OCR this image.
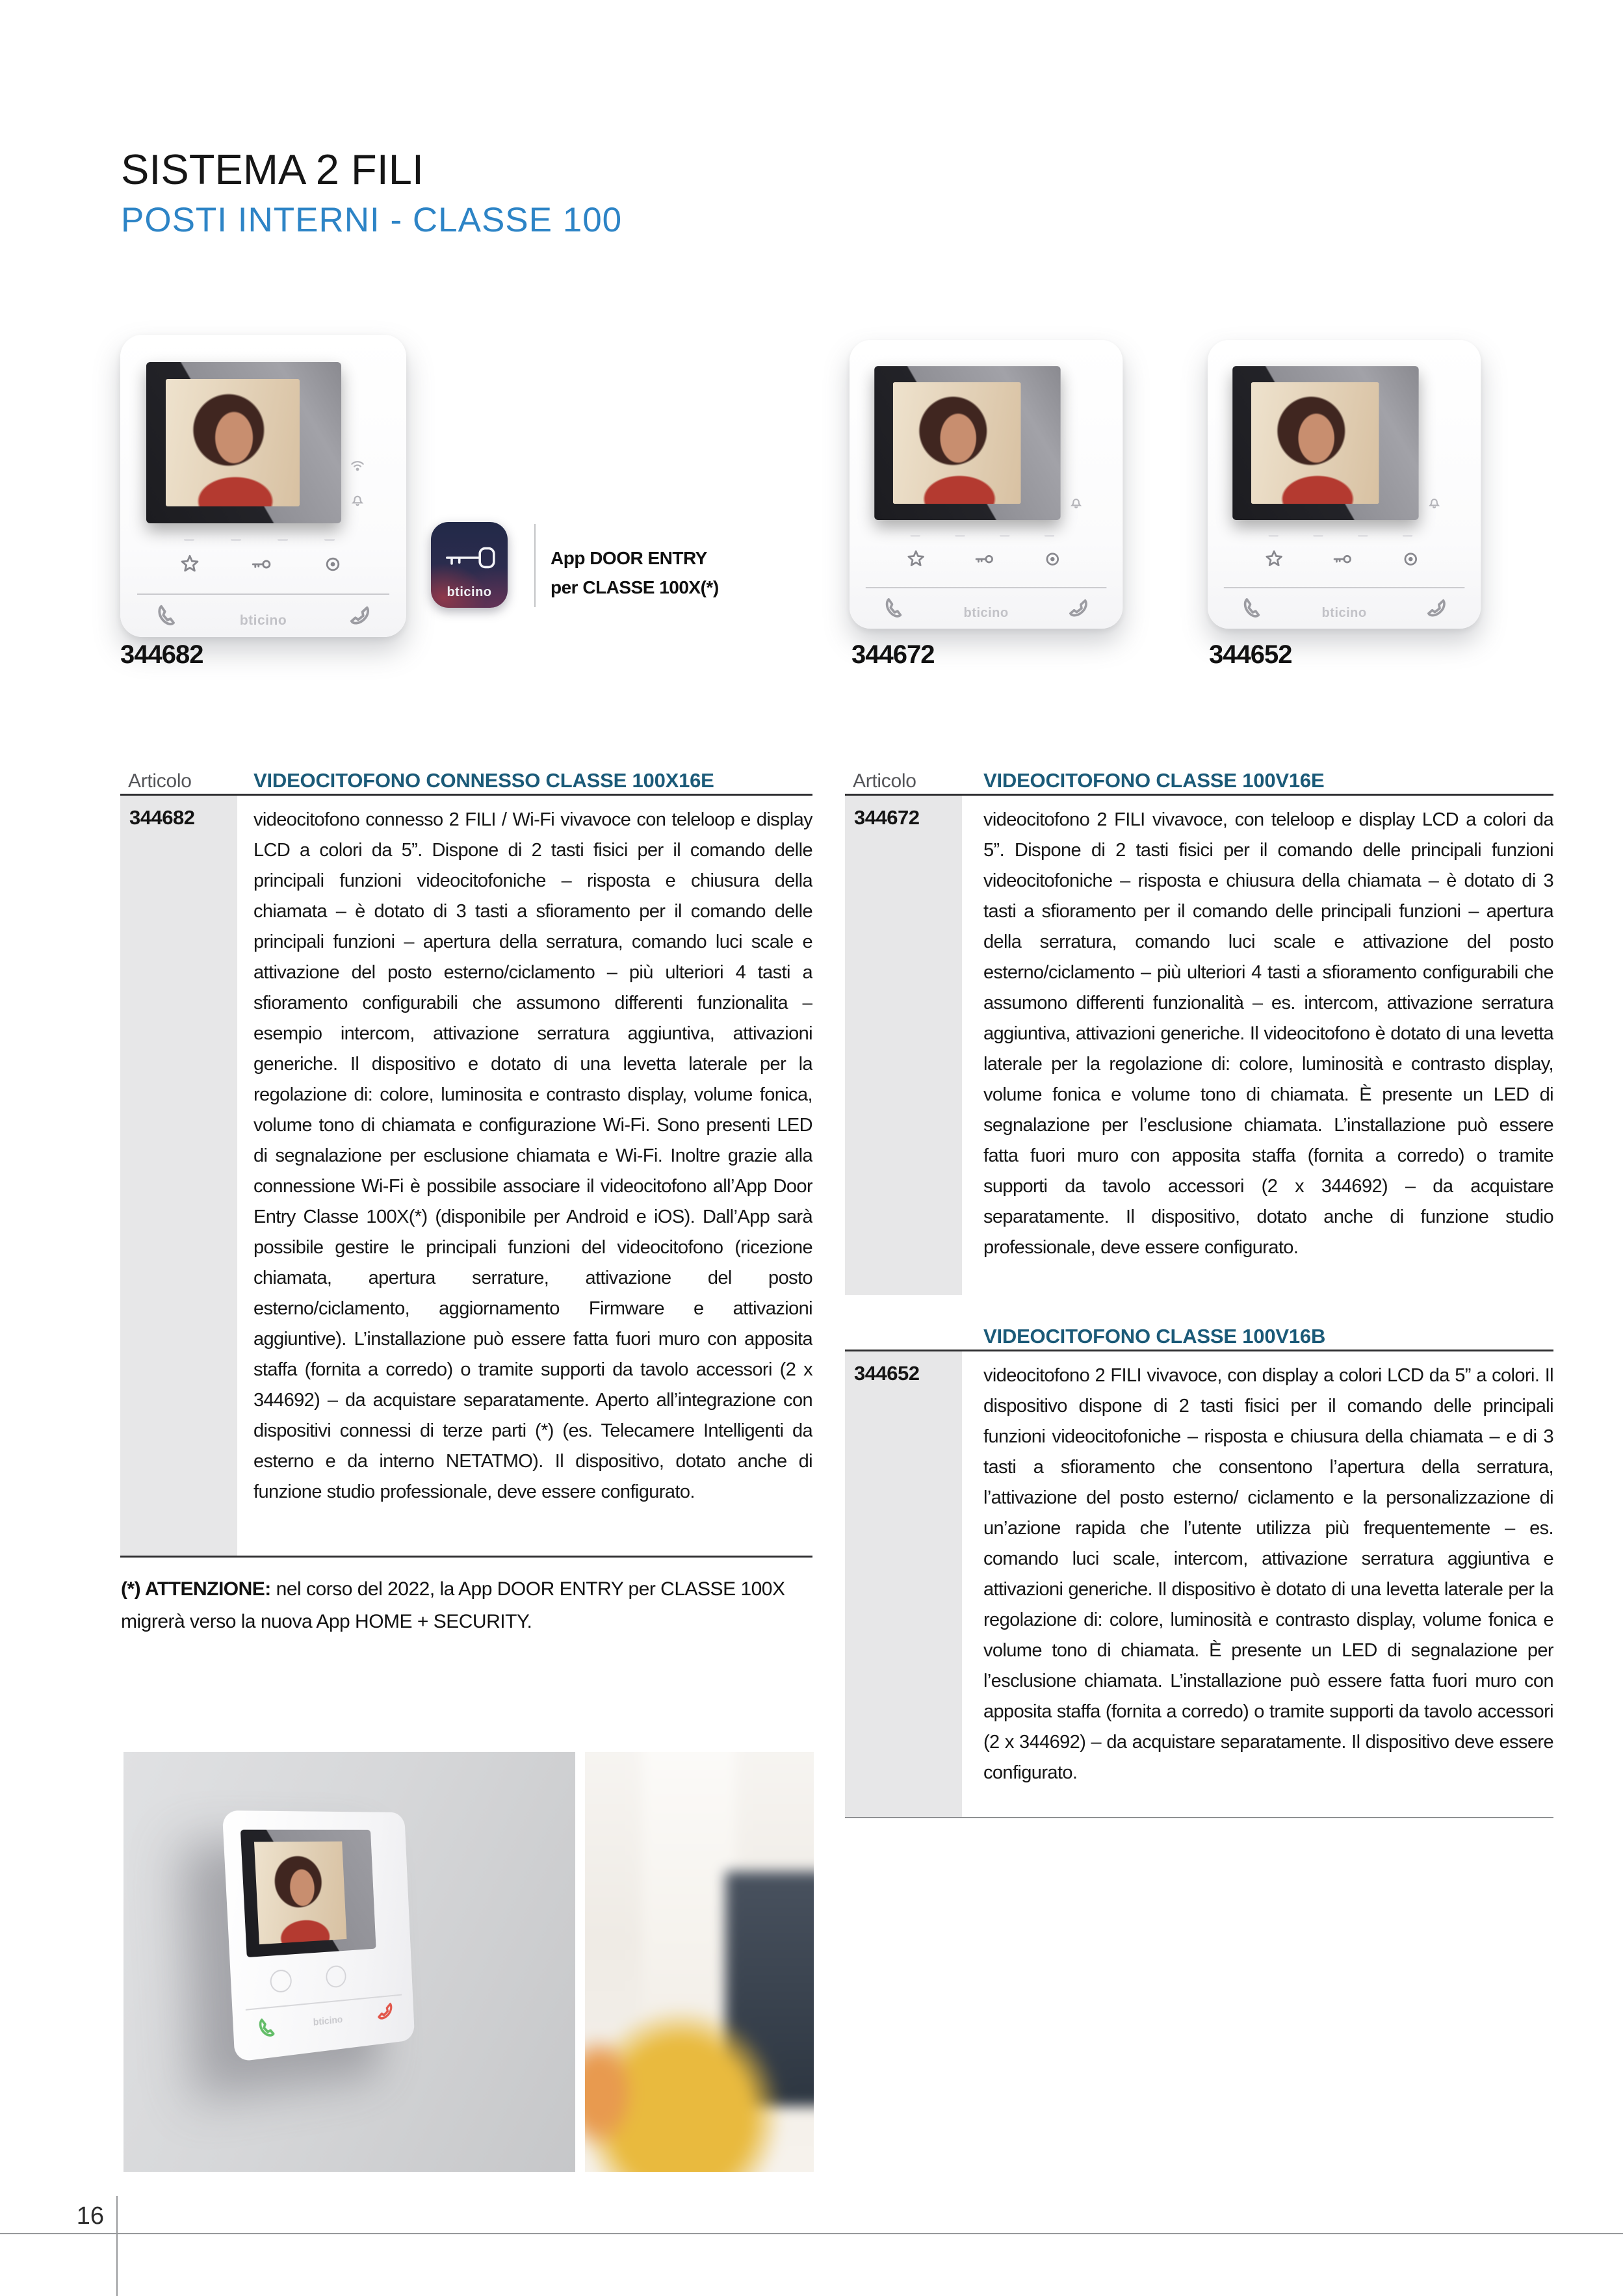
SISTEMA 2 FILI
POSTI INTERNI - CLASSE 100
bticino
bticino
App DOOR ENTRY
per CLASSE 100X(*)
bticino	bticino
344682	344672	344652
Articolo	VIDEOCITOFONO CONNESSO CLASSE 100X16E
344682	videocitofono connesso 2 FILI / Wi-Fi vivavoce con teleloop e display LCD a colori da 5”. Dispone di 2 tasti fisici per il comando delle principali funzioni videocitofoniche – risposta e chiusura della chiamata – è dotato di 3 tasti a sfioramento per il comando delle principali funzioni – apertura della serratura, comando luci scale e attivazione del posto esterno/ciclamento – più ulteriori 4 tasti a sfioramento configurabili che assumono differenti funzionalita – esempio intercom, attivazione serratura aggiuntiva, attivazioni generiche. Il dispositivo e dotato di una levetta laterale per la regolazione di: colore, luminosita e contrasto display, volume fonica, volume tono di chiamata e configurazione Wi-Fi. Sono presenti LED di segnalazione per esclusione chiamata e Wi-Fi. Inoltre grazie alla connessione Wi-Fi è possibile associare il videocitofono all’App Door Entry Classe 100X(*) (disponibile per Android e iOS). Dall’App sarà possibile gestire le principali funzioni del videocitofono (ricezione chiamata, apertura serrature, attivazione del posto esterno/ciclamento, aggiornamento Firmware e attivazioni aggiuntive). L’installazione può essere fatta fuori muro con apposita staffa (fornita a corredo) o tramite supporti da tavolo accessori (2 x 344692) – da acquistare separatamente. Aperto all’integrazione con dispositivi connessi di terze parti (*) (es. Telecamere Intelligenti da esterno e da interno NETATMO). Il dispositivo, dotato anche di funzione studio professionale, deve essere configurato.
(*) ATTENZIONE: nel corso del 2022, la App DOOR ENTRY per CLASSE 100X migrerà verso la nuova App HOME + SECURITY.
Articolo	VIDEOCITOFONO CLASSE 100V16E
344672	videocitofono 2 FILI vivavoce, con teleloop e display LCD a colori da 5”. Dispone di 2 tasti fisici per il comando delle principali funzioni videocitofoniche – risposta e chiusura della chiamata – è dotato di 3 tasti a sfioramento per il comando delle principali funzioni – apertura della serratura, comando luci scale e attivazione del posto esterno/ciclamento – più ulteriori 4 tasti a sfioramento configurabili che assumono differenti funzionalità – es. intercom, attivazione serratura aggiuntiva, attivazioni generiche. Il videocitofono è dotato di una levetta laterale per la regolazione di: colore, luminosità e contrasto display, volume fonica e volume tono di chiamata. È presente un LED di segnalazione per l’esclusione chiamata. L’installazione può essere fatta fuori muro con apposita staffa (fornita a corredo) o tramite supporti da tavolo accessori (2 x 344692) – da acquistare separatamente. Il dispositivo, dotato anche di funzione studio professionale, deve essere configurato.
VIDEOCITOFONO CLASSE 100V16B
344652	videocitofono 2 FILI vivavoce, con display a colori LCD da 5” a colori. Il dispositivo dispone di 2 tasti fisici per il comando delle principali funzioni videocitofoniche – risposta e chiusura della chiamata – e di 3 tasti a sfioramento che consentono l’apertura della serratura, l’attivazione del posto esterno/ ciclamento e la personalizzazione di un’azione rapida che l’utente utilizza più frequentemente – es. comando luci scale, intercom, attivazione serratura aggiuntiva e attivazioni generiche. Il dispositivo è dotato di una levetta laterale per la regolazione di: colore, luminosità e contrasto display, volume fonica e volume tono di chiamata. È presente un LED di segnalazione per l’esclusione chiamata. L’installazione può essere fatta fuori muro con apposita staffa (fornita a corredo) o tramite supporti da tavolo accessori (2 x 344692) – da acquistare separatamente. Il dispositivo deve essere configurato.
bticino
16
